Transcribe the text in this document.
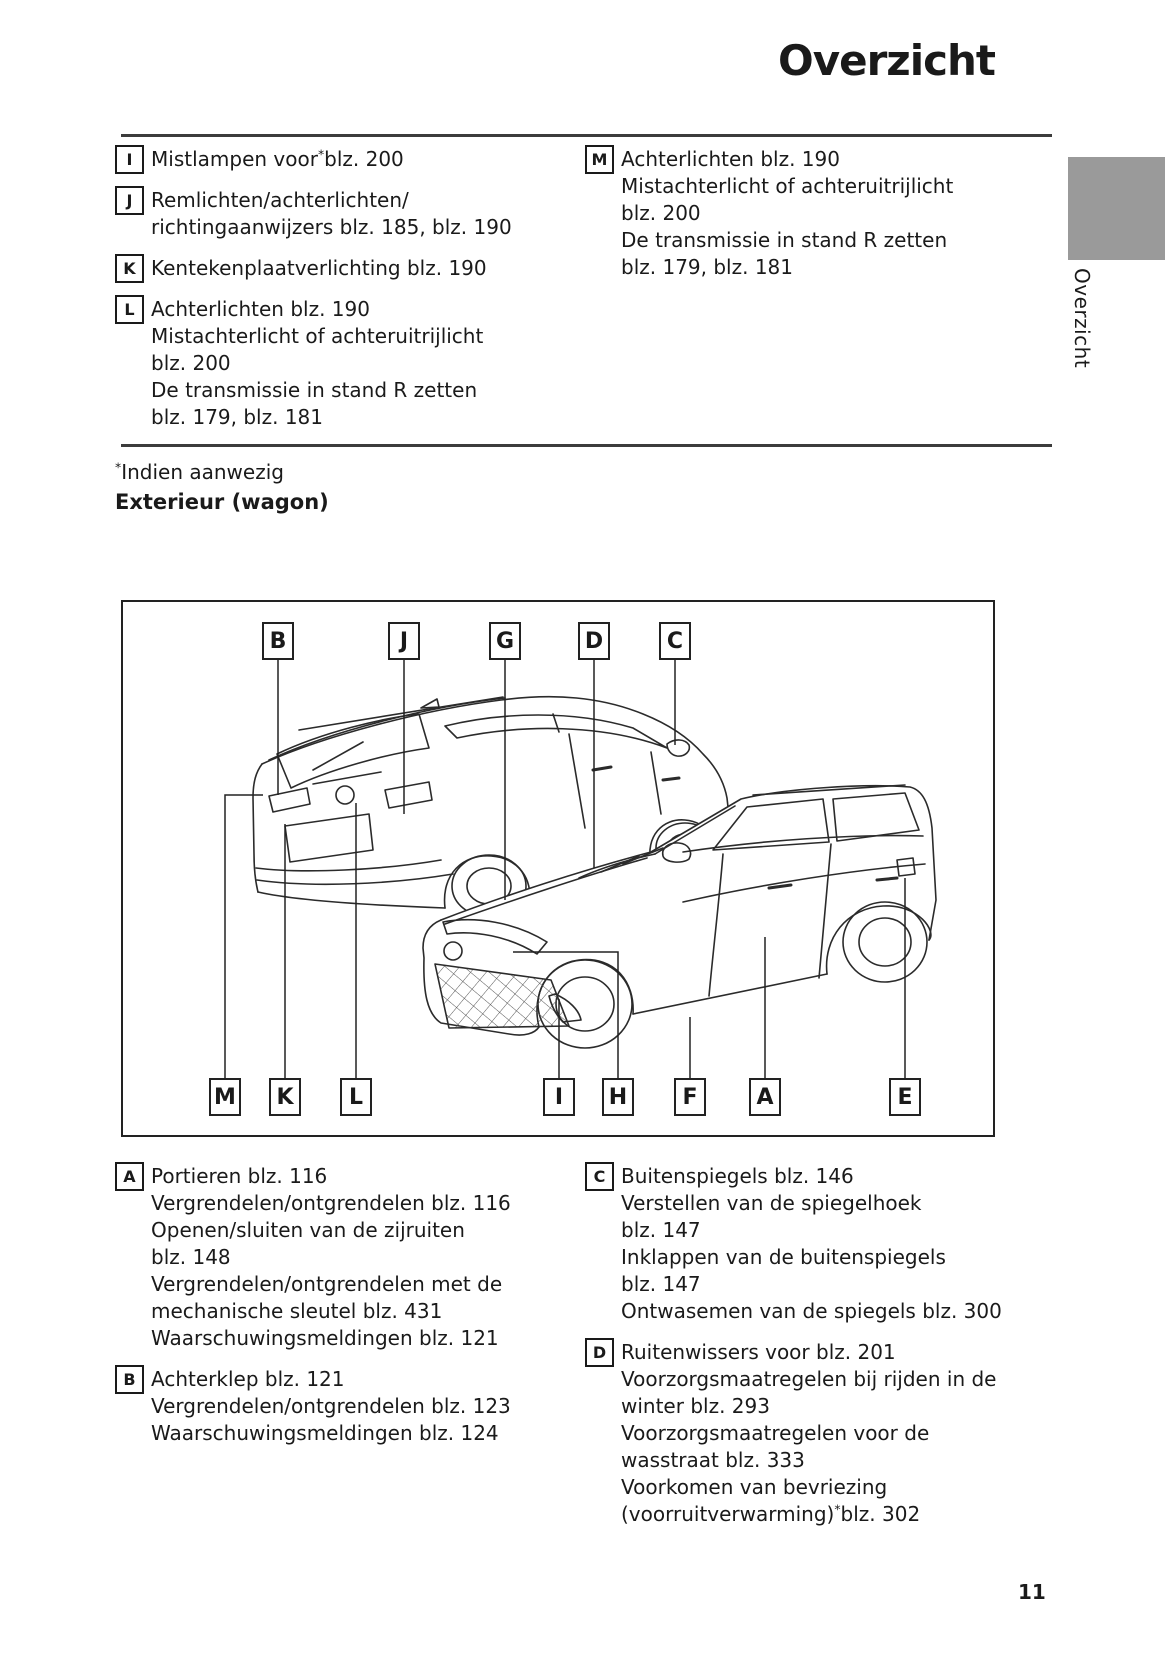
Overzicht
I Mistlampen voor*blz. 200
J Remlichten/achterlichten/
richtingaanwijzers blz. 185, blz. 190
K Kentekenplaatverlichting blz. 190
L Achterlichten blz. 190
Mistachterlicht of achteruitrijlicht
blz. 200
De transmissie in stand R zetten
blz. 179, blz. 181
M Achterlichten blz. 190
Mistachterlicht of achteruitrijlicht
blz. 200
De transmissie in stand R zetten
blz. 179, blz. 181
Overzicht
*Indien aanwezig
Exterieur (wagon)
B	J	G	D	C
M	K	L	I	H	F	A	E
A Portieren blz. 116
Vergrendelen/ontgrendelen blz. 116
Openen/sluiten van de zijruiten
blz. 148
Vergrendelen/ontgrendelen met de
mechanische sleutel blz. 431
Waarschuwingsmeldingen blz. 121
B Achterklep blz. 121
Vergrendelen/ontgrendelen blz. 123
Waarschuwingsmeldingen blz. 124
C Buitenspiegels blz. 146
Verstellen van de spiegelhoek
blz. 147
Inklappen van de buitenspiegels
blz. 147
Ontwasemen van de spiegels blz. 300
D Ruitenwissers voor blz. 201
Voorzorgsmaatregelen bij rijden in de
winter blz. 293
Voorzorgsmaatregelen voor de
wasstraat blz. 333
Voorkomen van bevriezing
(voorruitverwarming)*blz. 302
11
